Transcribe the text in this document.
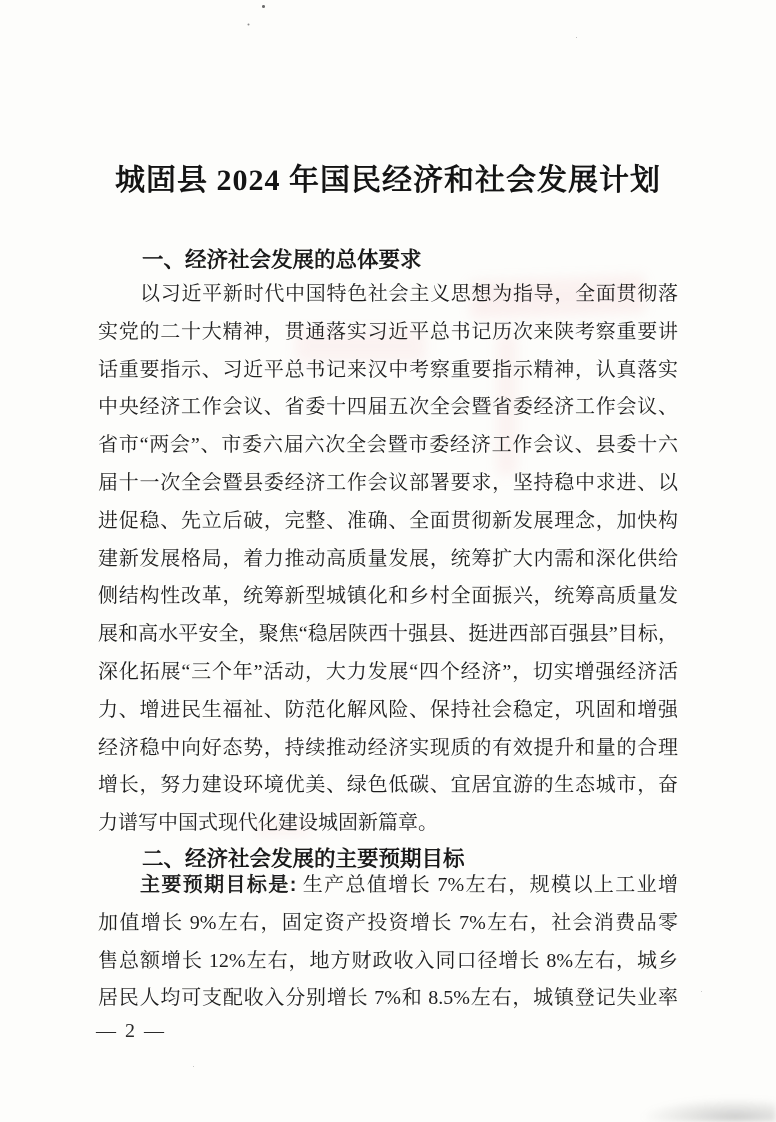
城固县 2024 年国民经济和社会发展计划
一、经济社会发展的总体要求
以习近平新时代中国特色社会主义思想为指导，全面贯彻落
实党的二十大精神，贯通落实习近平总书记历次来陕考察重要讲
话重要指示、习近平总书记来汉中考察重要指示精神，认真落实
中央经济工作会议、省委十四届五次全会暨省委经济工作会议、
省市“两会”、市委六届六次全会暨市委经济工作会议、县委十六
届十一次全会暨县委经济工作会议部署要求，坚持稳中求进、以
进促稳、先立后破，完整、准确、全面贯彻新发展理念，加快构
建新发展格局，着力推动高质量发展，统筹扩大内需和深化供给
侧结构性改革，统筹新型城镇化和乡村全面振兴，统筹高质量发
展和高水平安全，聚焦“稳居陕西十强县、挺进西部百强县”目标，
深化拓展“三个年”活动，大力发展“四个经济”，切实增强经济活
力、增进民生福祉、防范化解风险、保持社会稳定，巩固和增强
经济稳中向好态势，持续推动经济实现质的有效提升和量的合理
增长，努力建设环境优美、绿色低碳、宜居宜游的生态城市，奋
力谱写中国式现代化建设城固新篇章。
二、经济社会发展的主要预期目标
主要预期目标是: 生产总值增长 7%左右，规模以上工业增
加值增长 9%左右，固定资产投资增长 7%左右，社会消费品零
售总额增长 12%左右，地方财政收入同口径增长 8%左右，城乡
居民人均可支配收入分别增长 7%和 8.5%左右，城镇登记失业率
— 2 —
